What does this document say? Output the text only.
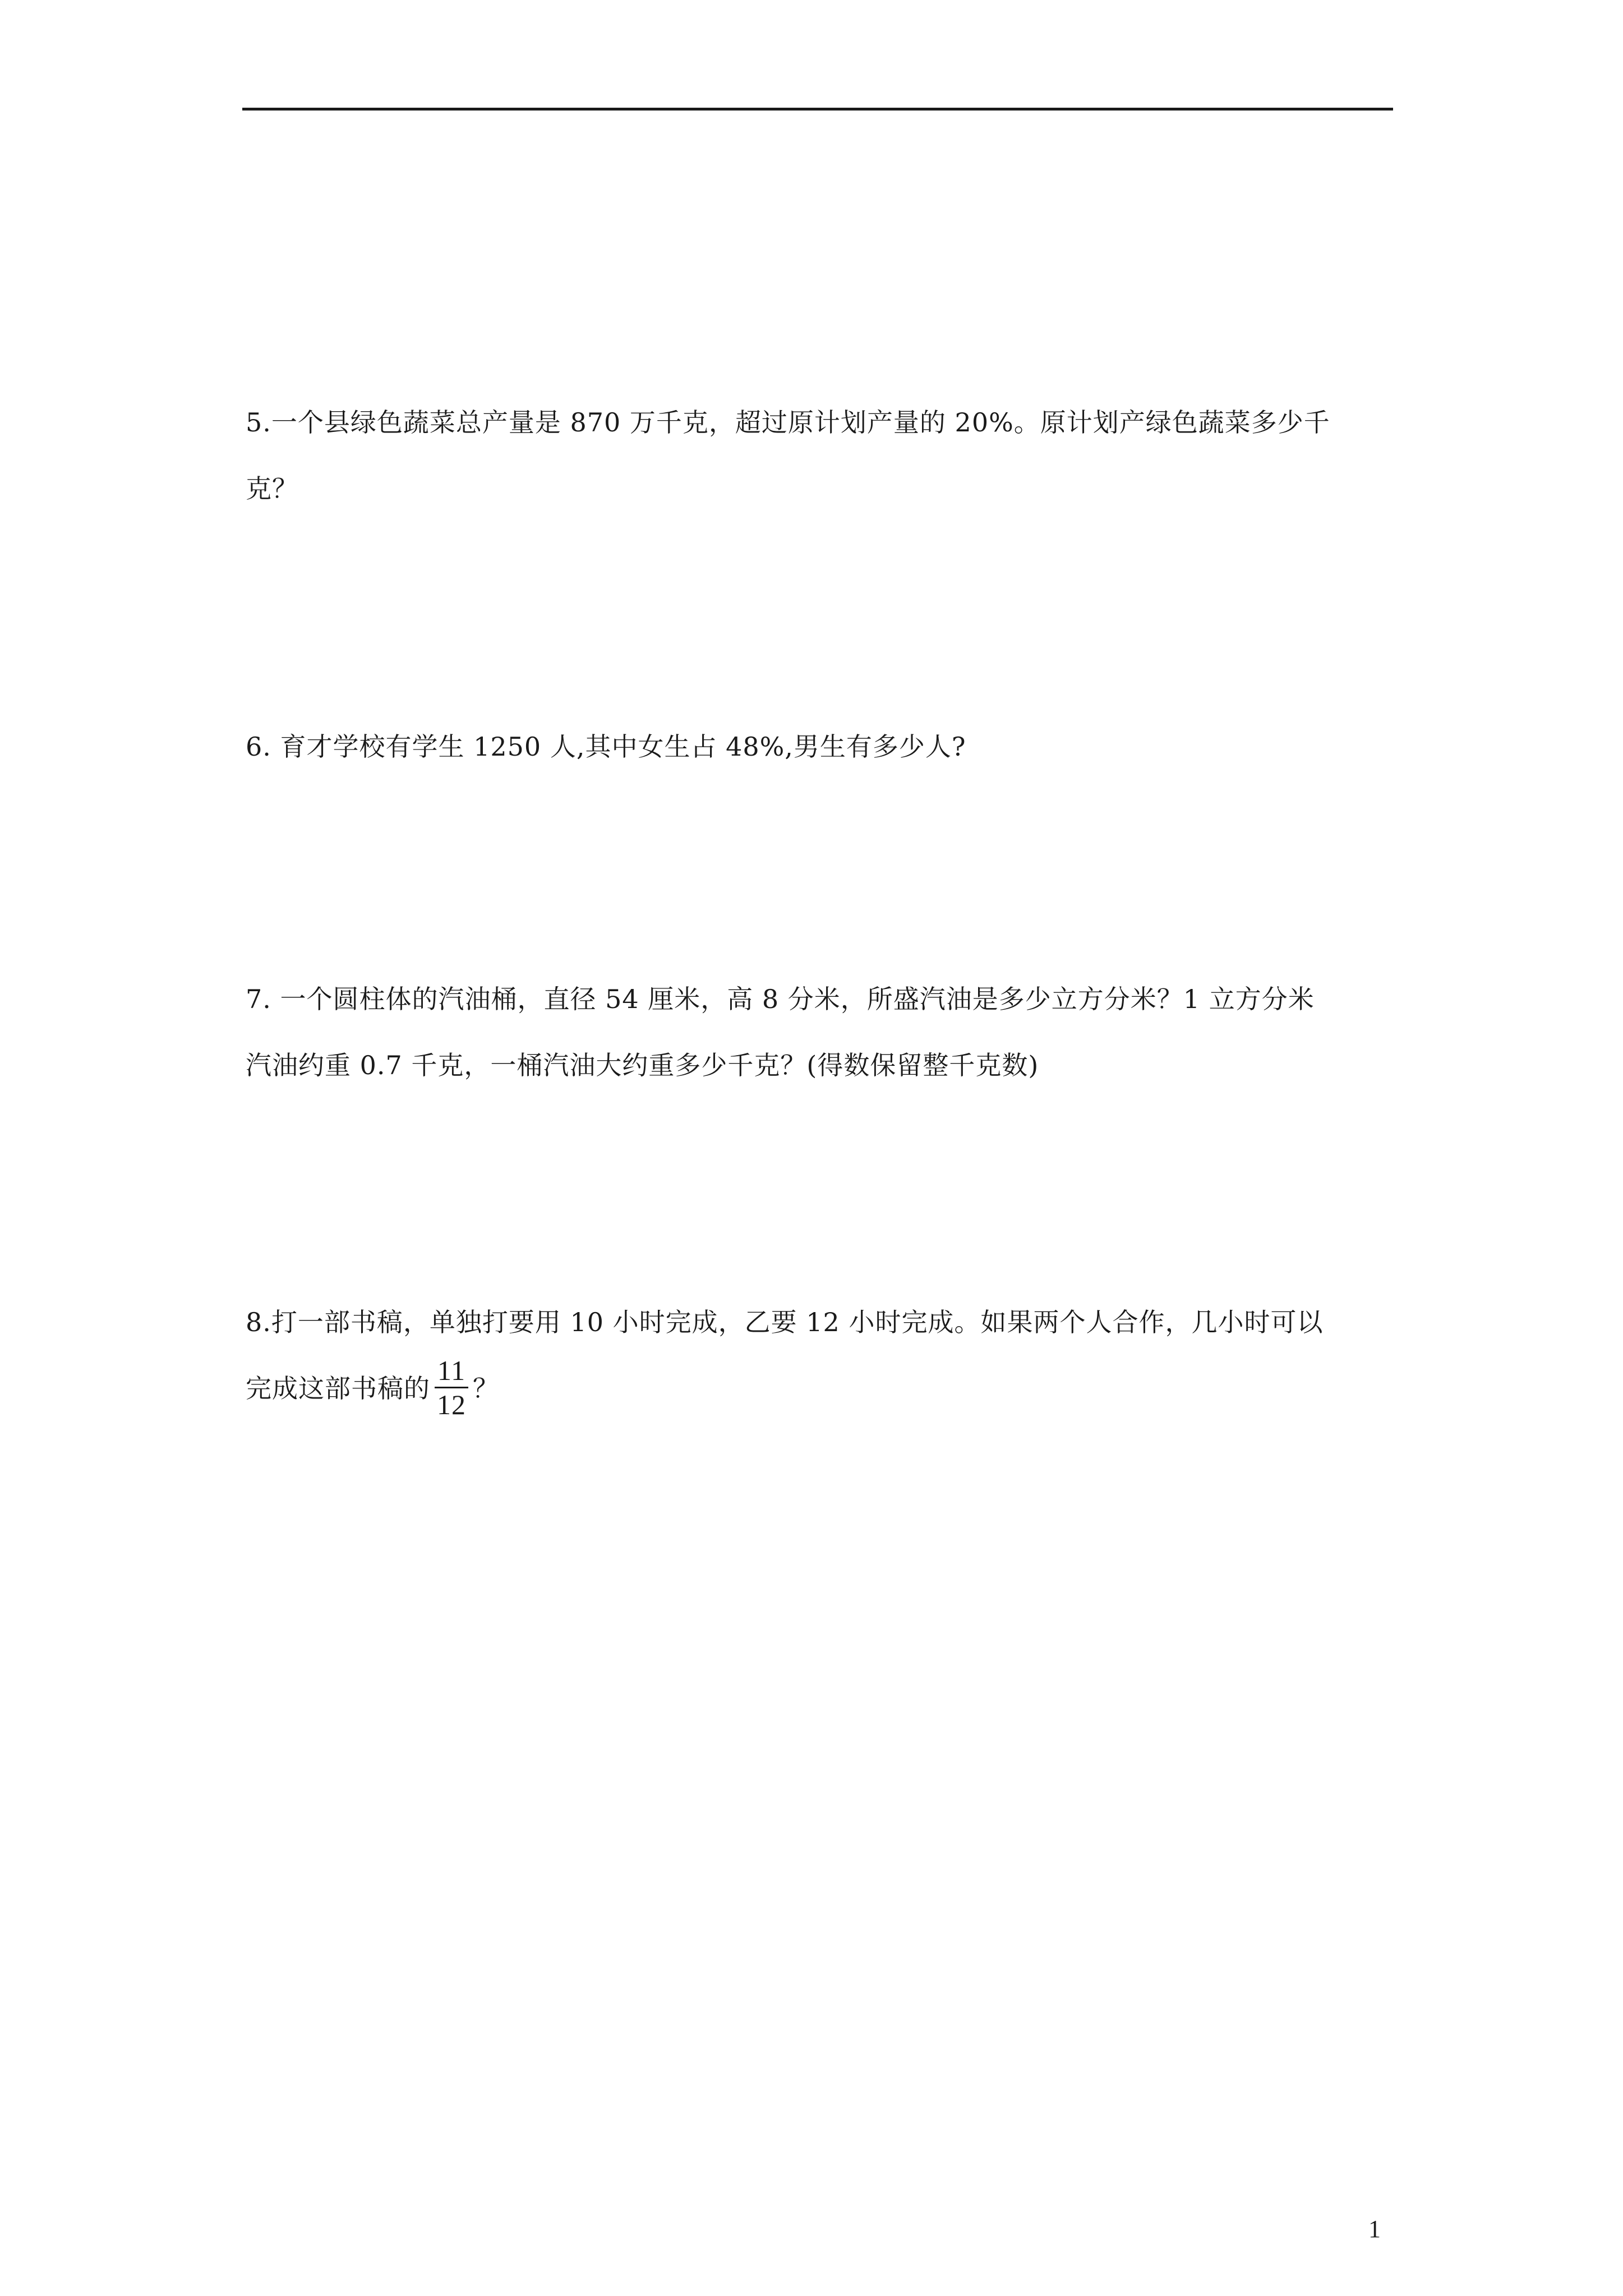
5.一个县绿色蔬菜总产量是 870 万千克，超过原计划产量的 20%。原计划产绿色蔬菜多少千
克？
6. 育才学校有学生 1250 人,其中女生占 48%,男生有多少人?
7. 一个圆柱体的汽油桶，直径 54 厘米，高 8 分米，所盛汽油是多少立方分米？1 立方分米
汽油约重 0.7 千克，一桶汽油大约重多少千克？(得数保留整千克数)
8.打一部书稿，单独打要用 10 小时完成，乙要 12 小时完成。如果两个人合作，几小时可以
完成这部书稿的 $\frac{11}{12}$ ？
1
